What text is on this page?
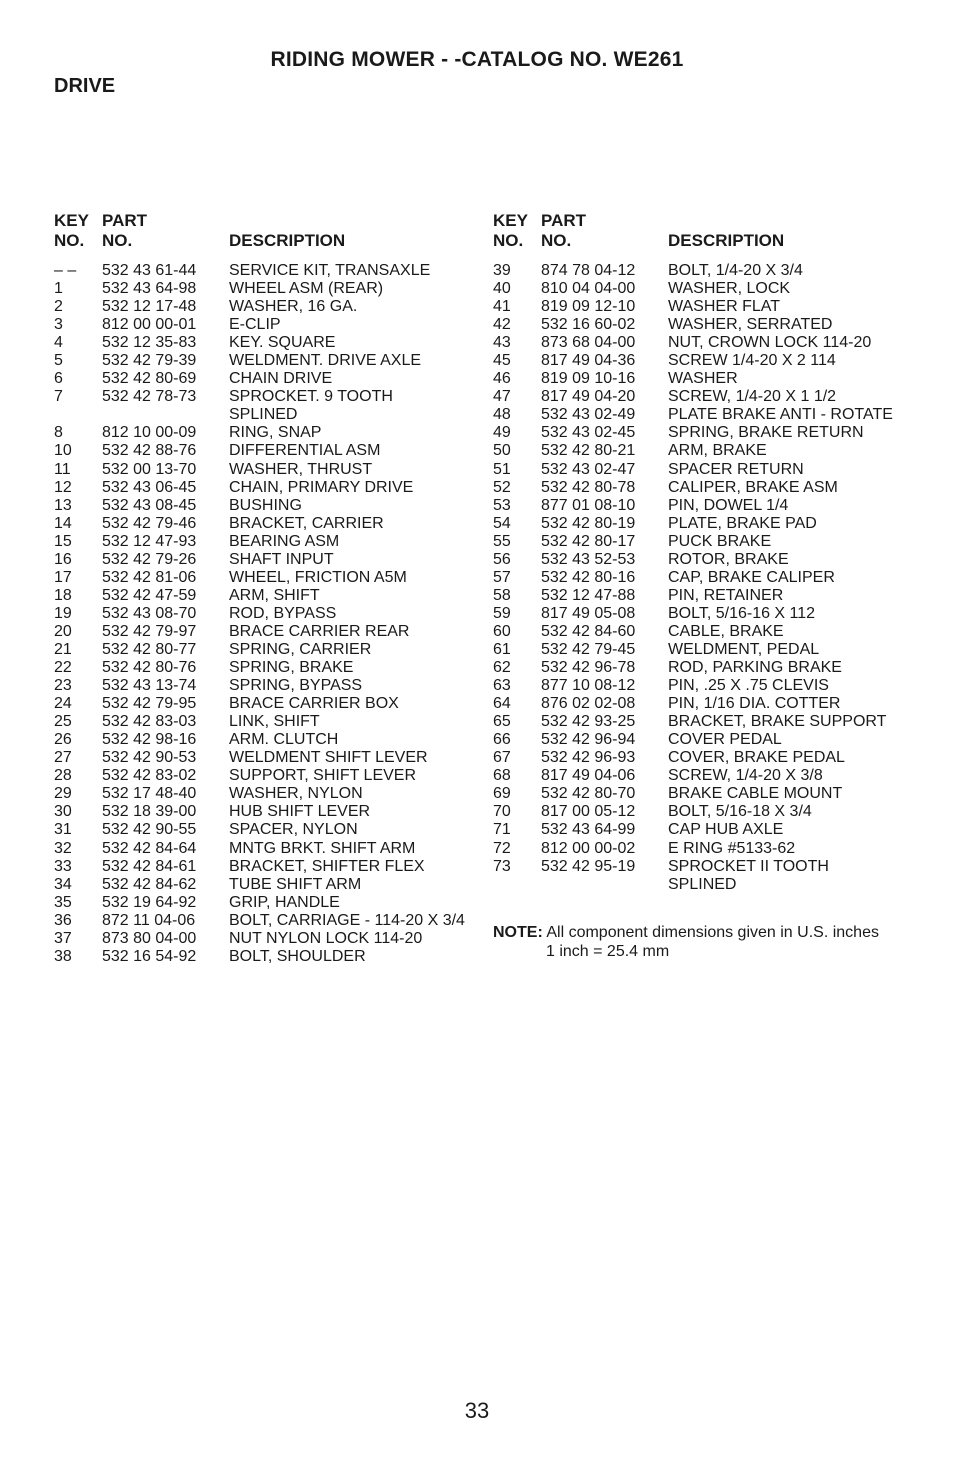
RIDING MOWER - -CATALOG NO. WE261
DRIVE
KEY
NO.
PART
NO.	DESCRIPTION
– – 532 43 61-44 SERVICE KIT, TRANSAXLE
1 532 43 64-98 WHEEL ASM (REAR)
2 532 12 17-48 WASHER, 16 GA.
3 812 00 00-01 E-CLIP
4 532 12 35-83 KEY. SQUARE
5 532 42 79-39 WELDMENT. DRIVE AXLE
6 532 42 80-69 CHAIN DRIVE
7 532 42 78-73 SPROCKET. 9 TOOTH
SPLINED
8 812 10 00-09 RING, SNAP
10 532 42 88-76 DIFFERENTIAL ASM
11 532 00 13-70 WASHER, THRUST
12 532 43 06-45 CHAIN, PRIMARY DRIVE
13 532 43 08-45 BUSHING
14 532 42 79-46 BRACKET, CARRIER
15 532 12 47-93 BEARING ASM
16 532 42 79-26 SHAFT INPUT
17 532 42 81-06 WHEEL, FRICTION A5M
18 532 42 47-59 ARM, SHIFT
19 532 43 08-70 ROD, BYPASS
20 532 42 79-97 BRACE CARRIER REAR
21 532 42 80-77 SPRING, CARRIER
22 532 42 80-76 SPRING, BRAKE
23 532 43 13-74 SPRING, BYPASS
24 532 42 79-95 BRACE CARRIER BOX
25 532 42 83-03 LINK, SHIFT
26 532 42 98-16 ARM. CLUTCH
27 532 42 90-53 WELDMENT SHIFT LEVER
28 532 42 83-02 SUPPORT, SHIFT LEVER
29 532 17 48-40 WASHER, NYLON
30 532 18 39-00 HUB SHIFT LEVER
31 532 42 90-55 SPACER, NYLON
32 532 42 84-64 MNTG BRKT. SHIFT ARM
33 532 42 84-61 BRACKET, SHIFTER FLEX
34 532 42 84-62 TUBE SHIFT ARM
35 532 19 64-92 GRIP, HANDLE
36 872 11 04-06 BOLT, CARRIAGE - 114-20 X 3/4
37 873 80 04-00 NUT NYLON LOCK 114-20
38 532 16 54-92 BOLT, SHOULDER
KEY
NO.
PART
NO.	DESCRIPTION
39 874 78 04-12 BOLT, 1/4-20 X 3/4
40 810 04 04-00 WASHER, LOCK
41 819 09 12-10 WASHER FLAT
42 532 16 60-02 WASHER, SERRATED
43 873 68 04-00 NUT, CROWN LOCK 114-20
45 817 49 04-36 SCREW 1/4-20 X 2 114
46 819 09 10-16 WASHER
47 817 49 04-20 SCREW, 1/4-20 X 1 1/2
48 532 43 02-49 PLATE BRAKE ANTI - ROTATE
49 532 43 02-45 SPRING, BRAKE RETURN
50 532 42 80-21 ARM, BRAKE
51 532 43 02-47 SPACER RETURN
52 532 42 80-78 CALIPER, BRAKE ASM
53 877 01 08-10 PIN, DOWEL 1/4
54 532 42 80-19 PLATE, BRAKE PAD
55 532 42 80-17 PUCK BRAKE
56 532 43 52-53 ROTOR, BRAKE
57 532 42 80-16 CAP, BRAKE CALIPER
58 532 12 47-88 PIN, RETAINER
59 817 49 05-08 BOLT, 5/16-16 X 112
60 532 42 84-60 CABLE, BRAKE
61 532 42 79-45 WELDMENT, PEDAL
62 532 42 96-78 ROD, PARKING BRAKE
63 877 10 08-12 PIN, .25 X .75 CLEVIS
64 876 02 02-08 PIN, 1/16 DIA. COTTER
65 532 42 93-25 BRACKET, BRAKE SUPPORT
66 532 42 96-94 COVER PEDAL
67 532 42 96-93 COVER, BRAKE PEDAL
68 817 49 04-06 SCREW, 1/4-20 X 3/8
69 532 42 80-70 BRAKE CABLE MOUNT
70 817 00 05-12 BOLT, 5/16-18 X 3/4
71 532 43 64-99 CAP HUB AXLE
72 812 00 00-02 E RING #5133-62
73 532 42 95-19 SPROCKET II TOOTH
SPLINED
NOTE: All component dimensions given in U.S. inches
1 inch = 25.4 mm
33
